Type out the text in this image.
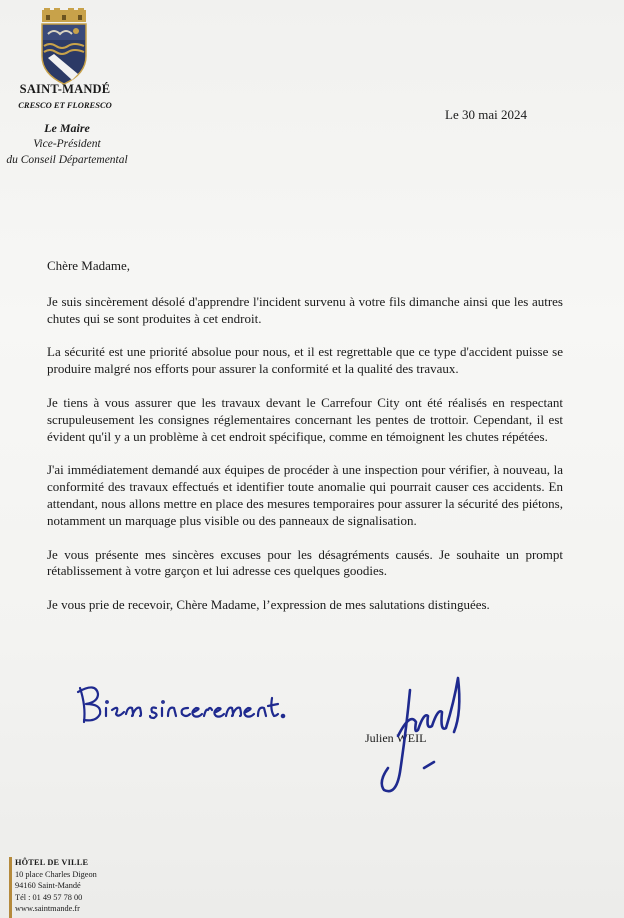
SAINT-MANDÉ
CRESCO ET FLORESCO
Le Maire
Vice-Président
du Conseil Départemental
Le 30 mai 2024

Chère Madame,

Je suis sincèrement désolé d'apprendre l'incident survenu à votre fils dimanche ainsi que les autres chutes qui se sont produites à cet endroit.

La sécurité est une priorité absolue pour nous, et il est regrettable que ce type d'accident puisse se produire malgré nos efforts pour assurer la conformité et la qualité des travaux.

Je tiens à vous assurer que les travaux devant le Carrefour City ont été réalisés en respectant scrupuleusement les consignes réglementaires concernant les pentes de trottoir. Cependant, il est évident qu'il y a un problème à cet endroit spécifique, comme en témoignent les chutes répétées.

J'ai immédiatement demandé aux équipes de procéder à une inspection pour vérifier, à nouveau, la conformité des travaux effectués et identifier toute anomalie qui pourrait causer ces accidents. En attendant, nous allons mettre en place des mesures temporaires pour assurer la sécurité des piétons, notamment un marquage plus visible ou des panneaux de signalisation.

Je vous présente mes sincères excuses pour les désagréments causés. Je souhaite un prompt rétablissement à votre garçon et lui adresse ces quelques goodies.

Je vous prie de recevoir, Chère Madame, l’expression de mes salutations distinguées.

Julien WEIL
HÔTEL DE VILLE
10 place Charles Digeon
94160 Saint-Mandé
Tél : 01 49 57 78 00
www.saintmande.fr
